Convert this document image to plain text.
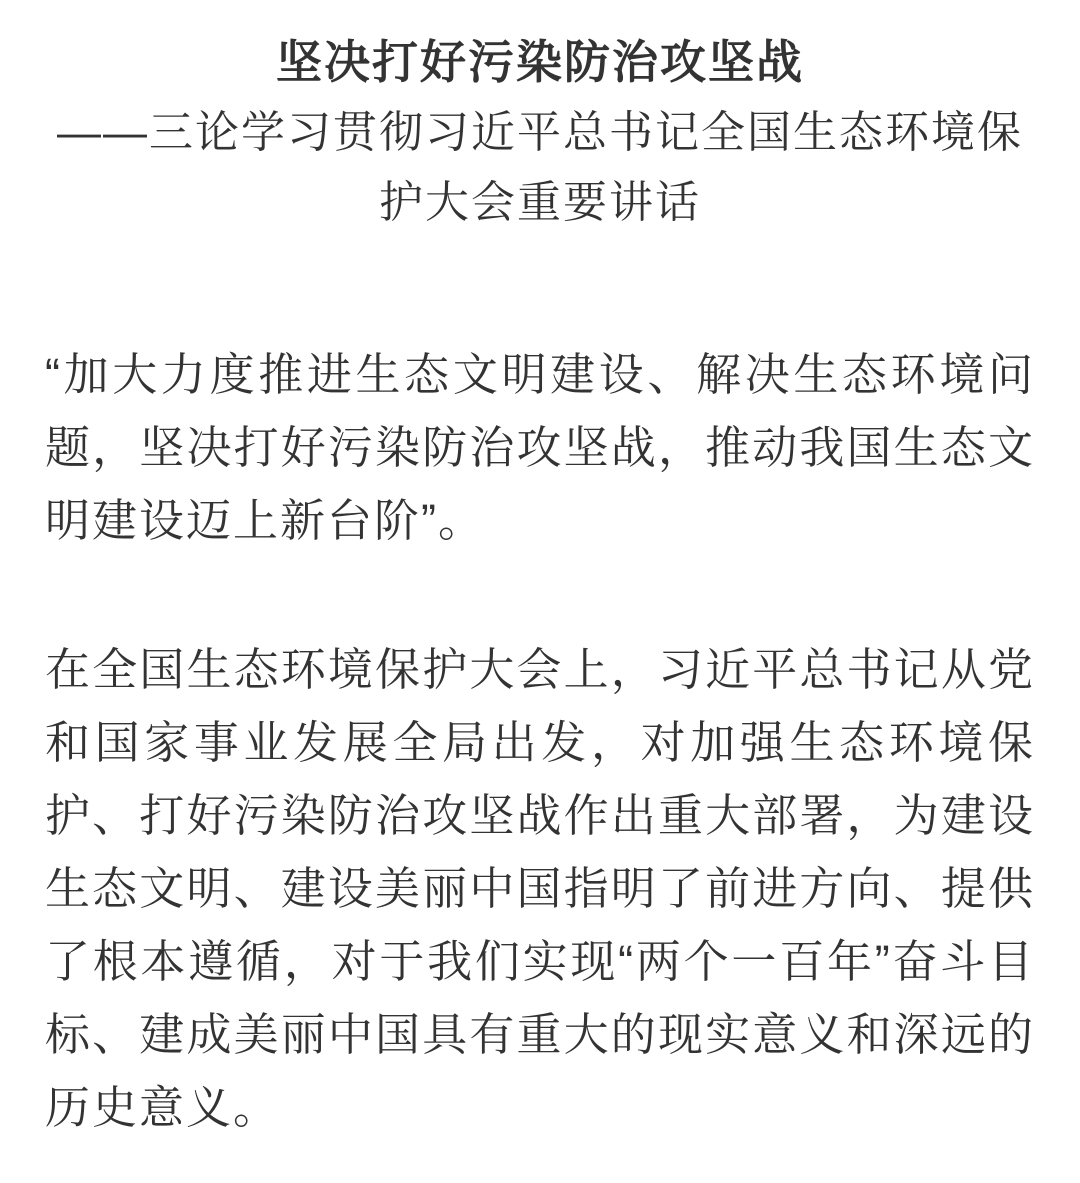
坚决打好污染防治攻坚战
——三论学习贯彻习近平总书记全国生态环境保护大会重要讲话

“加大力度推进生态文明建设、解决生态环境问题，坚决打好污染防治攻坚战，推动我国生态文明建设迈上新台阶”。

在全国生态环境保护大会上，习近平总书记从党和国家事业发展全局出发，对加强生态环境保护、打好污染防治攻坚战作出重大部署，为建设生态文明、建设美丽中国指明了前进方向、提供了根本遵循，对于我们实现“两个一百年”奋斗目标、建成美丽中国具有重大的现实意义和深远的历史意义。
